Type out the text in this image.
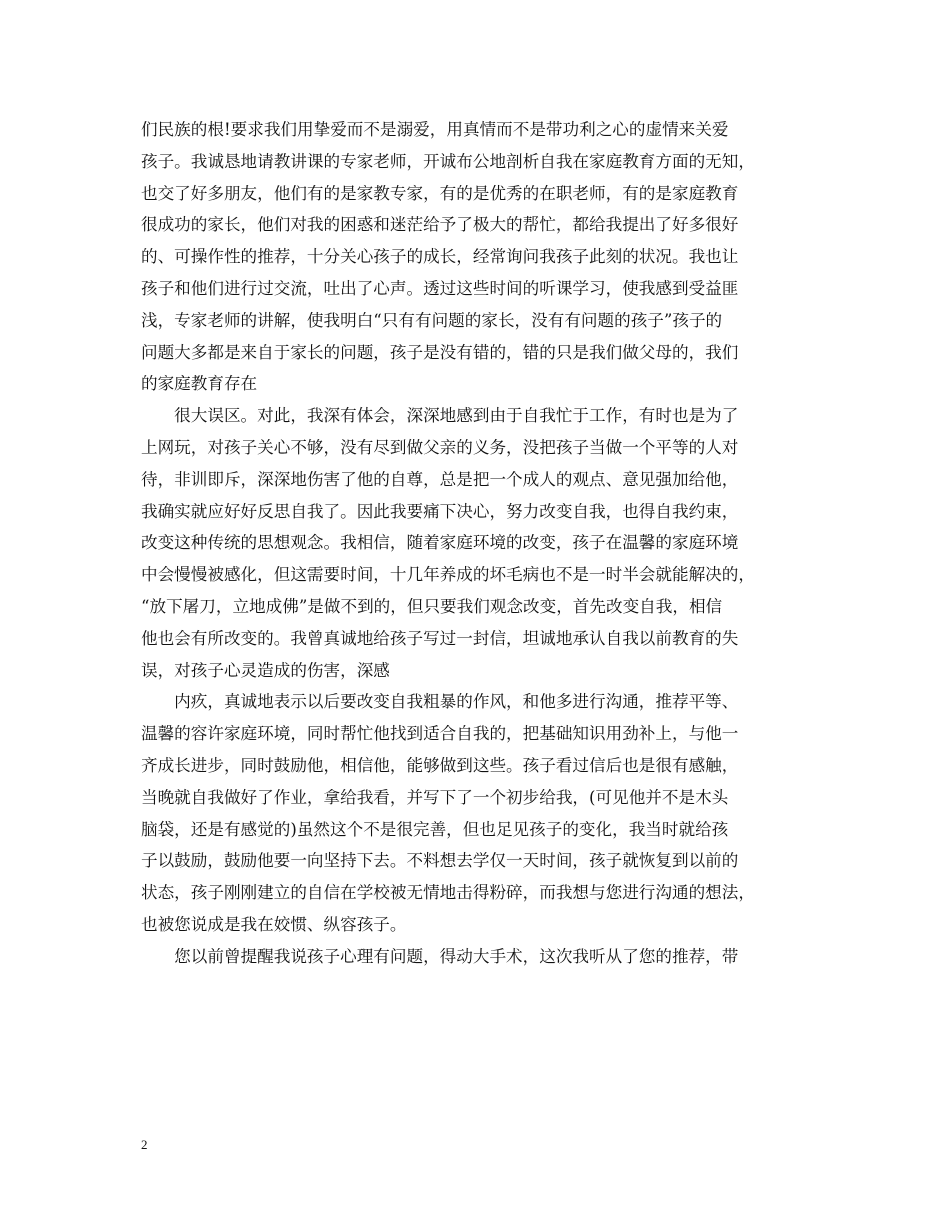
们民族的根!要求我们用挚爱而不是溺爱，用真情而不是带功利之心的虚情来关爱
孩子。我诚恳地请教讲课的专家老师，开诚布公地剖析自我在家庭教育方面的无知，
也交了好多朋友，他们有的是家教专家，有的是优秀的在职老师，有的是家庭教育
很成功的家长，他们对我的困惑和迷茫给予了极大的帮忙，都给我提出了好多很好
的、可操作性的推荐，十分关心孩子的成长，经常询问我孩子此刻的状况。我也让
孩子和他们进行过交流，吐出了心声。透过这些时间的听课学习，使我感到受益匪
浅，专家老师的讲解，使我明白“只有有问题的家长，没有有问题的孩子”孩子的
问题大多都是来自于家长的问题，孩子是没有错的，错的只是我们做父母的，我们
的家庭教育存在
　　很大误区。对此，我深有体会，深深地感到由于自我忙于工作，有时也是为了
上网玩，对孩子关心不够，没有尽到做父亲的义务，没把孩子当做一个平等的人对
待，非训即斥，深深地伤害了他的自尊，总是把一个成人的观点、意见强加给他，
我确实就应好好反思自我了。因此我要痛下决心，努力改变自我，也得自我约束，
改变这种传统的思想观念。我相信，随着家庭环境的改变，孩子在温馨的家庭环境
中会慢慢被感化，但这需要时间，十几年养成的坏毛病也不是一时半会就能解决的，
“放下屠刀，立地成佛”是做不到的，但只要我们观念改变，首先改变自我，相信
他也会有所改变的。我曾真诚地给孩子写过一封信，坦诚地承认自我以前教育的失
误，对孩子心灵造成的伤害，深感
　　内疚，真诚地表示以后要改变自我粗暴的作风，和他多进行沟通，推荐平等、
温馨的容许家庭环境，同时帮忙他找到适合自我的，把基础知识用劲补上，与他一
齐成长进步，同时鼓励他，相信他，能够做到这些。孩子看过信后也是很有感触，
当晚就自我做好了作业，拿给我看，并写下了一个初步给我，(可见他并不是木头
脑袋，还是有感觉的)虽然这个不是很完善，但也足见孩子的变化，我当时就给孩
子以鼓励，鼓励他要一向坚持下去。不料想去学仅一天时间，孩子就恢复到以前的
状态，孩子刚刚建立的自信在学校被无情地击得粉碎，而我想与您进行沟通的想法，
也被您说成是我在姣惯、纵容孩子。
　　您以前曾提醒我说孩子心理有问题，得动大手术，这次我听从了您的推荐，带
2
